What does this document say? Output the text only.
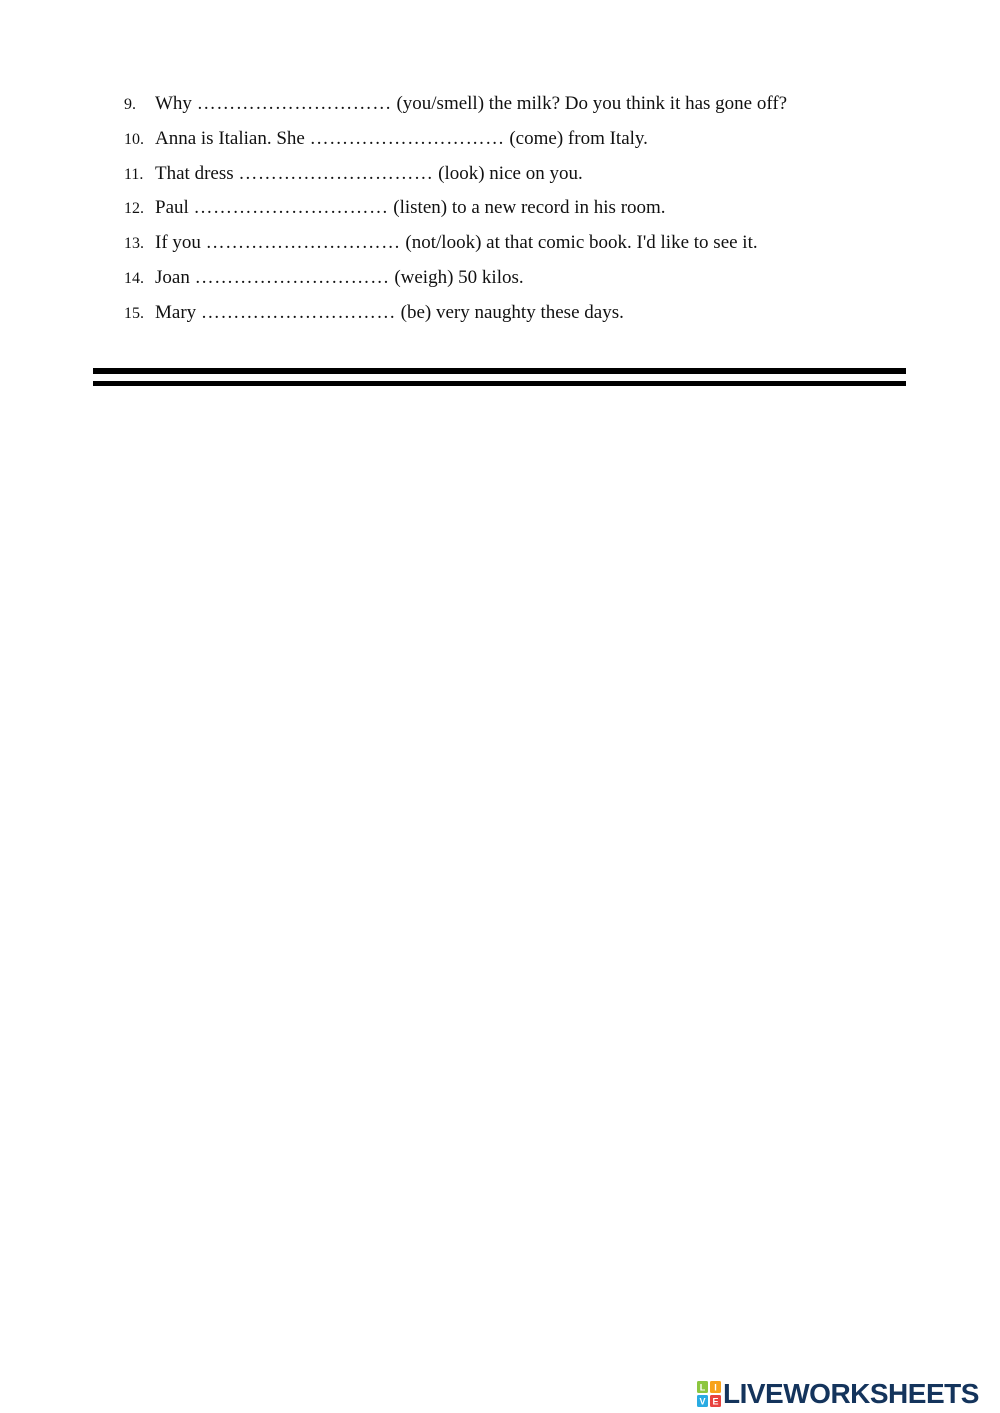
9.	Why ………………………… (you/smell) the milk? Do you think it has gone off?
10. Anna is Italian. She ………………………… (come) from Italy.
11. That dress ………………………… (look) nice on you.
12. Paul ………………………… (listen) to a new record in his room.
13. If you ………………………… (not/look) at that comic book. I'd like to see it.
14. Joan ………………………… (weigh) 50 kilos.
15. Mary ………………………… (be) very naughty these days.
L I
V E LIVEWORKSHEETS
